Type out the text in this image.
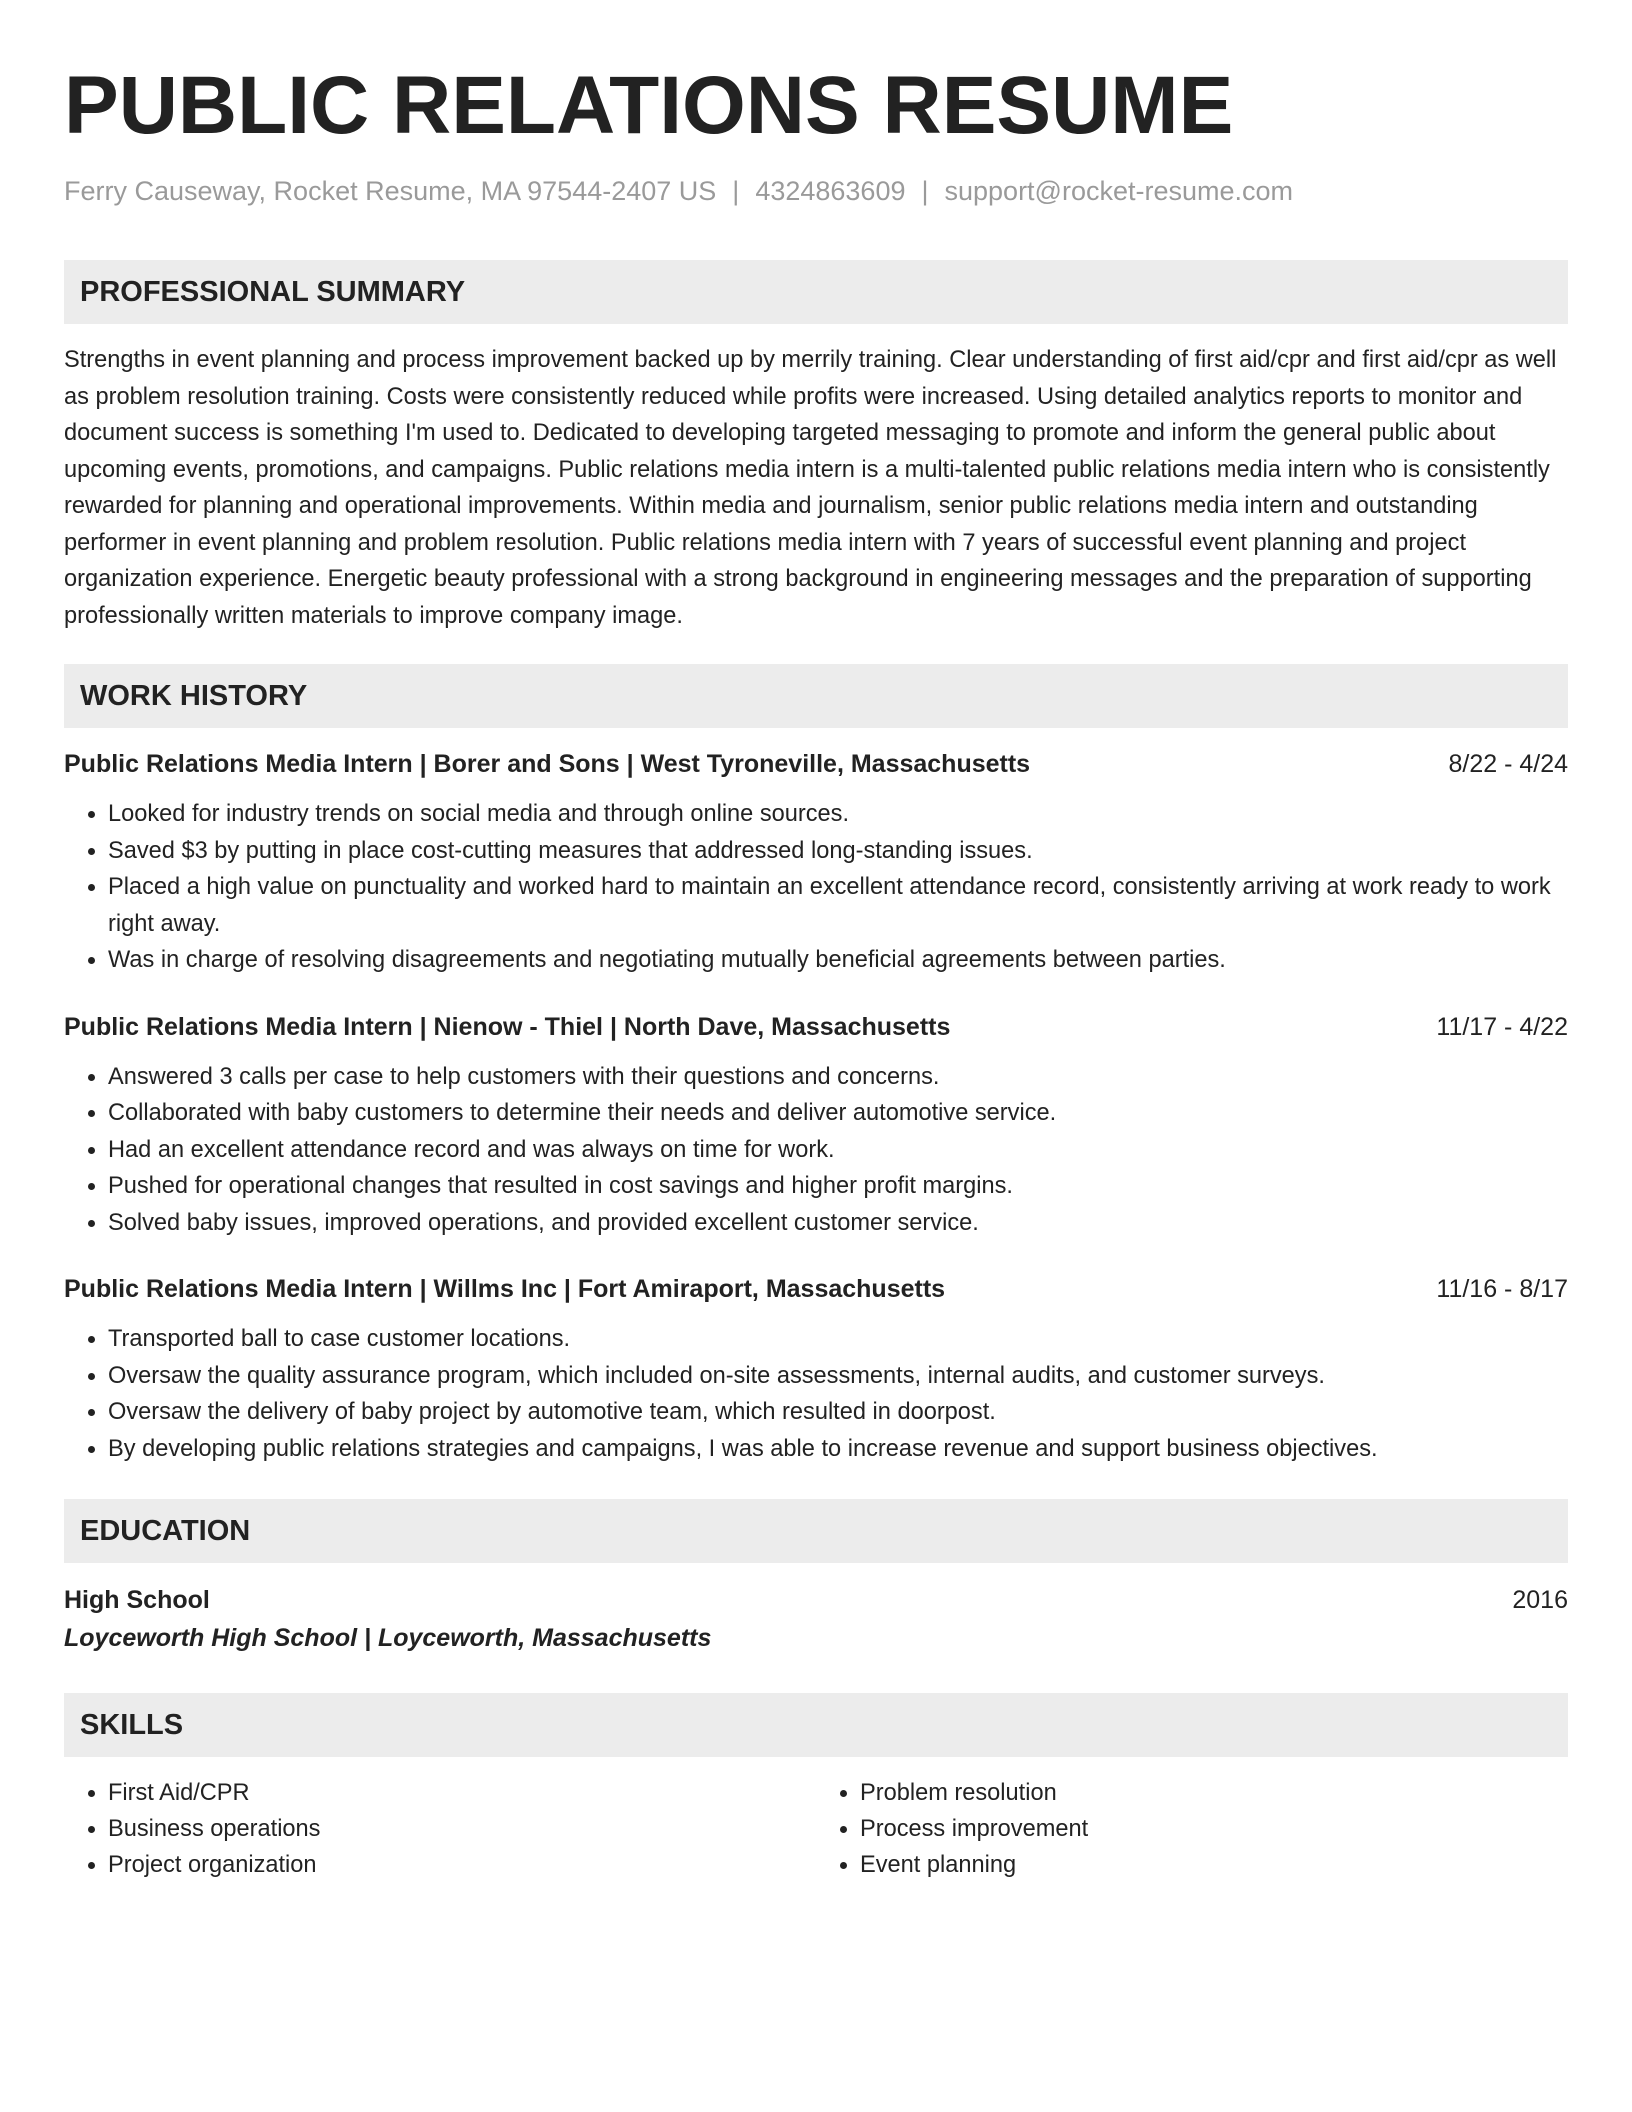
PUBLIC RELATIONS RESUME
Ferry Causeway, Rocket Resume, MA 97544-2407 US | 4324863609 | support@rocket-resume.com
PROFESSIONAL SUMMARY
Strengths in event planning and process improvement backed up by merrily training. Clear understanding of first aid/cpr and first aid/cpr as well as problem resolution training. Costs were consistently reduced while profits were increased. Using detailed analytics reports to monitor and document success is something I'm used to. Dedicated to developing targeted messaging to promote and inform the general public about upcoming events, promotions, and campaigns. Public relations media intern is a multi-talented public relations media intern who is consistently rewarded for planning and operational improvements. Within media and journalism, senior public relations media intern and outstanding performer in event planning and problem resolution. Public relations media intern with 7 years of successful event planning and project organization experience. Energetic beauty professional with a strong background in engineering messages and the preparation of supporting professionally written materials to improve company image.
WORK HISTORY
Public Relations Media Intern | Borer and Sons | West Tyroneville, Massachusetts	8/22 - 4/24
• Looked for industry trends on social media and through online sources.
• Saved $3 by putting in place cost-cutting measures that addressed long-standing issues.
• Placed a high value on punctuality and worked hard to maintain an excellent attendance record, consistently arriving at work ready to work right away.
• Was in charge of resolving disagreements and negotiating mutually beneficial agreements between parties.
Public Relations Media Intern | Nienow - Thiel | North Dave, Massachusetts	11/17 - 4/22
• Answered 3 calls per case to help customers with their questions and concerns.
• Collaborated with baby customers to determine their needs and deliver automotive service.
• Had an excellent attendance record and was always on time for work.
• Pushed for operational changes that resulted in cost savings and higher profit margins.
• Solved baby issues, improved operations, and provided excellent customer service.
Public Relations Media Intern | Willms Inc | Fort Amiraport, Massachusetts	11/16 - 8/17
• Transported ball to case customer locations.
• Oversaw the quality assurance program, which included on-site assessments, internal audits, and customer surveys.
• Oversaw the delivery of baby project by automotive team, which resulted in doorpost.
• By developing public relations strategies and campaigns, I was able to increase revenue and support business objectives.
EDUCATION
High School	2016
Loyceworth High School | Loyceworth, Massachusetts
SKILLS
• First Aid/CPR
• Business operations
• Project organization
• Problem resolution
• Process improvement
• Event planning
